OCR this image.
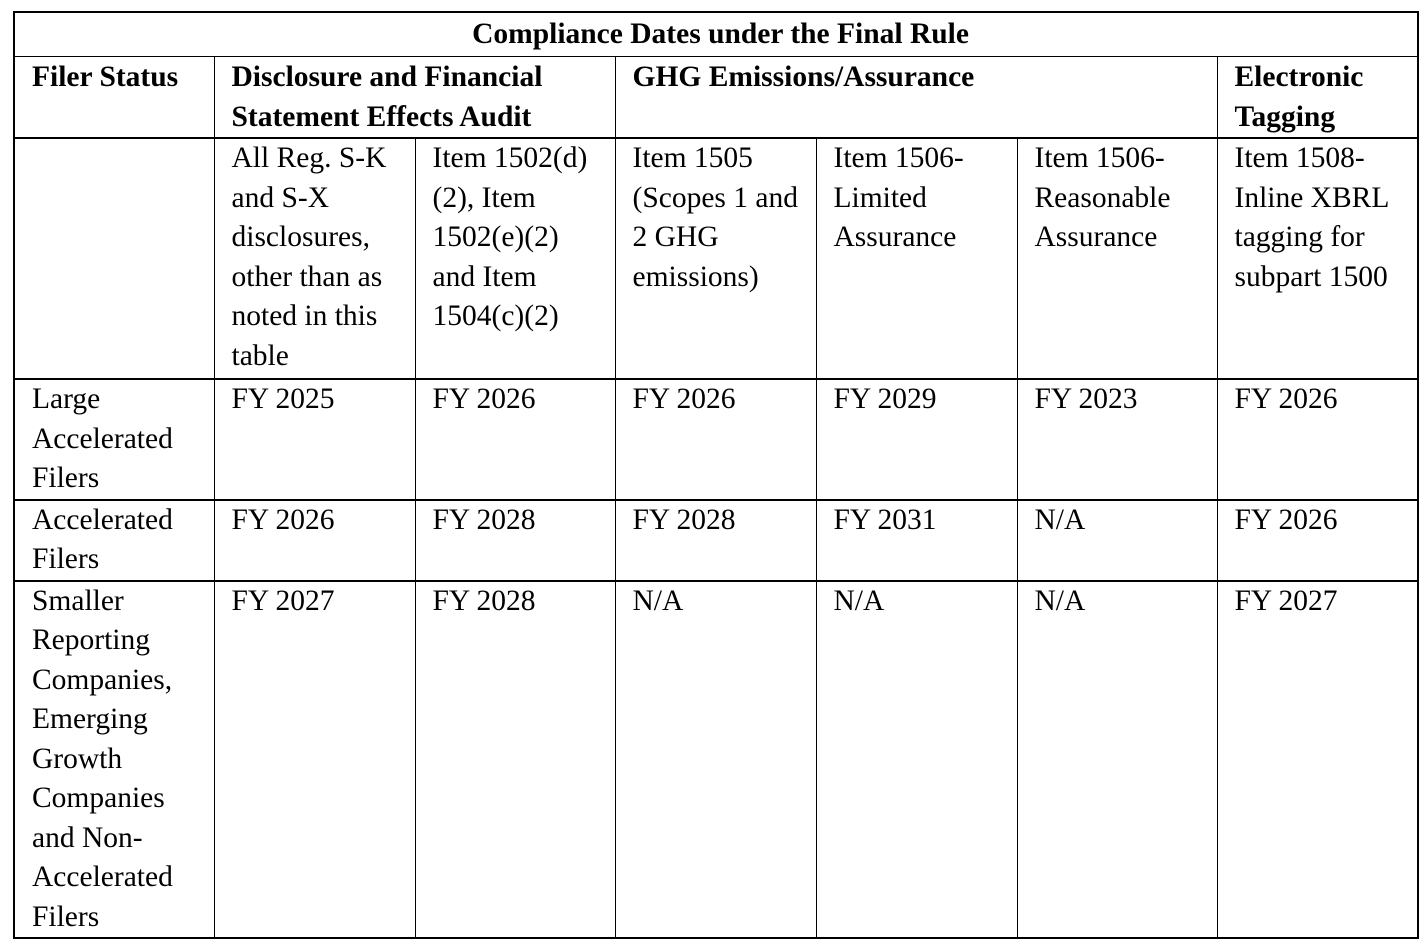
Compliance Dates under the Final Rule						
Filer Status	Disclosure and Financial Statement Effects Audit		GHG Emissions/Assurance			Electronic Tagging
	All Reg. S-K and S-X disclosures, other than as noted in this table	Item 1502(d)(2), Item 1502(e)(2) and Item 1504(c)(2)	Item 1505 (Scopes 1 and 2 GHG emissions)	Item 1506-Limited Assurance	Item 1506-Reasonable Assurance	Item 1508-Inline XBRL tagging for subpart 1500
Large Accelerated Filers	FY 2025	FY 2026	FY 2026	FY 2029	FY 2023	FY 2026
Accelerated Filers	FY 2026	FY 2028	FY 2028	FY 2031	N/A	FY 2026
Smaller Reporting Companies, Emerging Growth Companies and Non-Accelerated Filers	FY 2027	FY 2028	N/A	N/A	N/A	FY 2027
